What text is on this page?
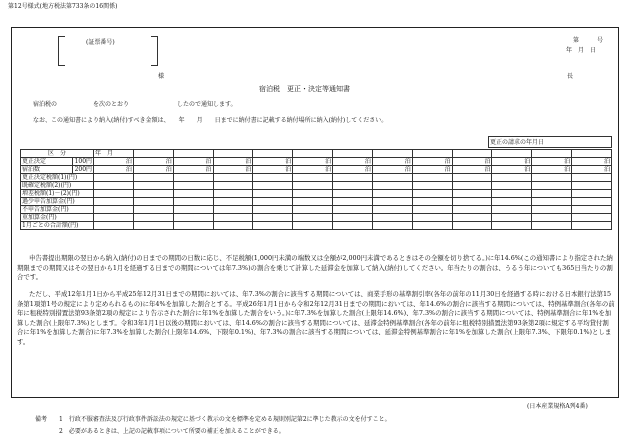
第12号様式(地方税法第733条の16関係)
(証票番号)	第	号
年　月　日
様	長
宿泊税　更正・決定等通知書
宿泊税の　　　　　　を次のとおり　　　　　　　　したので通知します。
なお、この通知書により納入(納付)すべき金額は、　　年　　月　　日までに納付書に記載する納付場所に納入(納付)してください。
更正の請求の年月日
区　分		年　月												
更正決定	100円	泊	泊	泊	泊	泊	泊	泊	泊	泊	泊	泊	泊	泊
宿泊数	200円	泊	泊	泊	泊	泊	泊	泊	泊	泊	泊	泊	泊	泊
更正決定税額(1)(円)														
既確定税額(2)(円)														
増差税額(1)－(2)(円)														
過少申告加算金(円)														
不申告加算金(円)														
重加算金(円)														
1月ごとの合計額(円)														
申告書提出期限の翌日から納入(納付)の日までの期間の日数に応じ、不足税額(1,000円未満の端数又は全額が2,000円未満であるときはその全額を切り捨てる。)に年14.6%(この通知書により指定された納期限までの期間又はその翌日から1月を経過する日までの期間については年7.3%)の割合を乗じて計算した延滞金を加算して納入(納付)してください。年当たりの割合は、うるう年についても365日当たりの割合です。
ただし、平成12年1月1日から平成25年12月31日までの期間においては、年7.3%の割合に該当する期間については、商業手形の基準割引率(各年の前年の11月30日を経過する時における日本銀行法第15条第1項第1号の規定により定められるもの)に年4%を加算した割合とする。平成26年1月1日から令和2年12月31日までの期間においては、年14.6%の割合に該当する期間については、特例基準割合(各年の前年に租税特別措置法第93条第2項の規定により告示された割合に年1%を加算した割合をいう。)に年7.3%を加算した割合(上限年14.6%)、年7.3%の割合に該当する期間については、特例基準割合に年1%を加算した割合(上限年7.3%)とします。令和3年1月1日以後の期間においては、年14.6%の割合に該当する期間については、延滞金特例基準割合(各年の前年に租税特別措置法第93条第2項に規定する平均貸付割合に年1%を加算した割合)に年7.3%を加算した割合(上限年14.6%、下限年0.1%)、年7.3%の割合に該当する期間については、延滞金特例基準割合に年1%を加算した割合(上限年7.3%、下限年0.1%)とします。
(日本産業規格A列4番)
備考 1　行政不服審査法及び行政事件訴訟法の規定に基づく教示の文を標準を定める規則別記第2に準じた教示の文を付すこと。
2　必要があるときは、上記の記載事項について所要の補正を加えることができる。
